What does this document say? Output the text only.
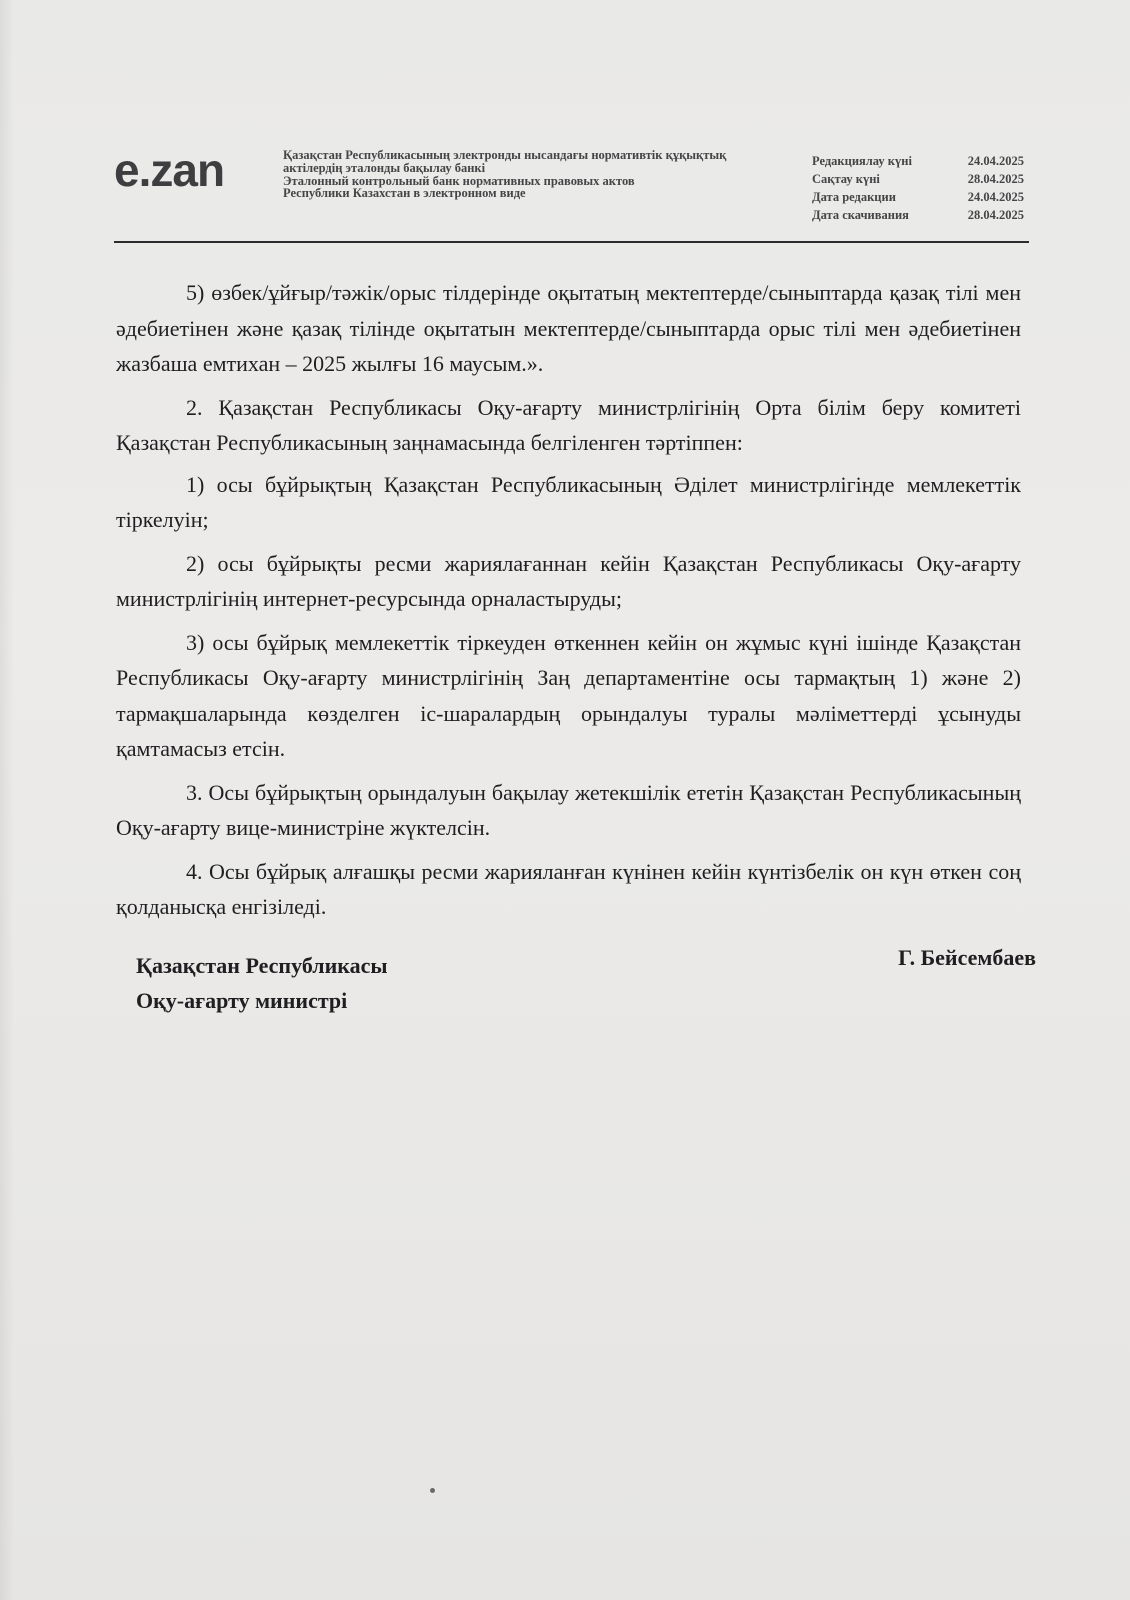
e.zan	Қазақстан Республикасының электронды нысандағы нормативтік құқықтық
актілердің эталонды бақылау банкі
Эталонный контрольный банк нормативных правовых актов
Республики Казахстан в электронном виде
Редакциялау күні	24.04.2025
Сақтау күні	28.04.2025
Дата редакции	24.04.2025
Дата скачивания	28.04.2025

5) өзбек/ұйғыр/тәжік/орыс тілдерінде оқытатың мектептерде/сыныптарда қазақ тілі мен әдебиетінен және қазақ тілінде оқытатын мектептерде/сыныптарда орыс тілі мен әдебиетінен жазбаша емтихан – 2025 жылғы 16 маусым.».

2. Қазақстан Республикасы Оқу-ағарту министрлігінің Орта білім беру комитеті Қазақстан Республикасының заңнамасында белгіленген тәртіппен:

1) осы бұйрықтың Қазақстан Республикасының Әділет министрлігінде мемлекеттік тіркелуін;

2) осы бұйрықты ресми жариялағаннан кейін Қазақстан Республикасы Оқу-ағарту министрлігінің интернет-ресурсында орналастыруды;

3) осы бұйрық мемлекеттік тіркеуден өткеннен кейін он жұмыс күні ішінде Қазақстан Республикасы Оқу-ағарту министрлігінің Заң департаментіне осы тармақтың 1) және 2) тармақшаларында көзделген іс-шаралардың орындалуы туралы мәліметтерді ұсынуды қамтамасыз етсін.

3. Осы бұйрықтың орындалуын бақылау жетекшілік ететін Қазақстан Республикасының Оқу-ағарту вице-министріне жүктелсін.

4. Осы бұйрық алғашқы ресми жарияланған күнінен кейін күнтізбелік он күн өткен соң қолданысқа енгізіледі.

Қазақстан Республикасы
Оқу-ағарту министрі
Г. Бейсембаев
